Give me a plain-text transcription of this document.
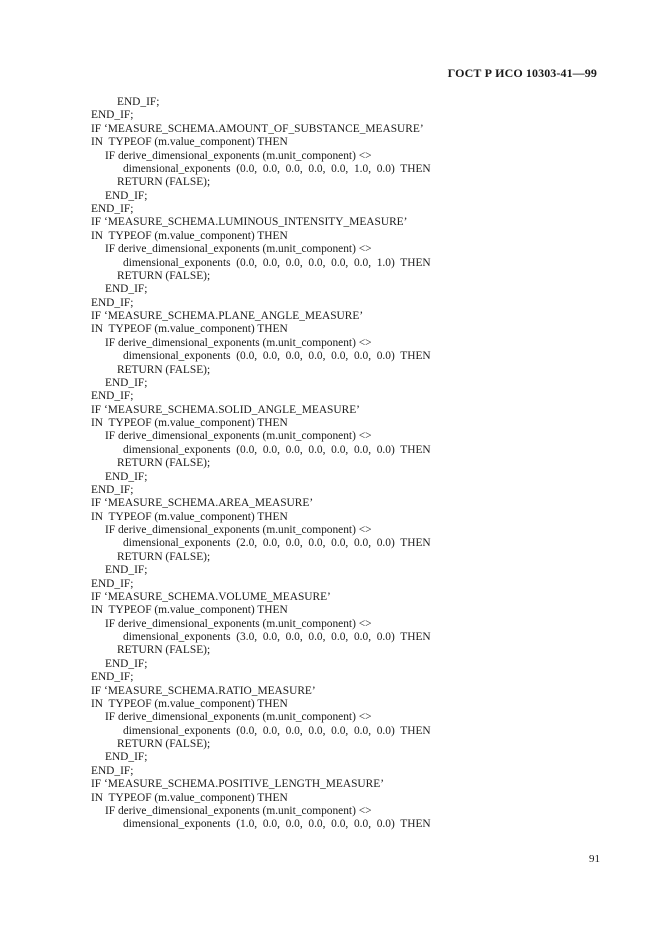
ГОСТ Р ИСО 10303-41—99
END_IF;
END_IF;
IF ‘MEASURE_SCHEMA.AMOUNT_OF_SUBSTANCE_MEASURE’
IN  TYPEOF (m.value_component) THEN
IF derive_dimensional_exponents (m.unit_component) <>
dimensional_exponents  (0.0,  0.0,  0.0,  0.0,  0.0,  1.0,  0.0)  THEN
RETURN (FALSE);
END_IF;
END_IF;
IF ‘MEASURE_SCHEMA.LUMINOUS_INTENSITY_MEASURE’
IN  TYPEOF (m.value_component) THEN
IF derive_dimensional_exponents (m.unit_component) <>
dimensional_exponents  (0.0,  0.0,  0.0,  0.0,  0.0,  0.0,  1.0)  THEN
RETURN (FALSE);
END_IF;
END_IF;
IF ‘MEASURE_SCHEMA.PLANE_ANGLE_MEASURE’
IN  TYPEOF (m.value_component) THEN
IF derive_dimensional_exponents (m.unit_component) <>
dimensional_exponents  (0.0,  0.0,  0.0,  0.0,  0.0,  0.0,  0.0)  THEN
RETURN (FALSE);
END_IF;
END_IF;
IF ‘MEASURE_SCHEMA.SOLID_ANGLE_MEASURE’
IN  TYPEOF (m.value_component) THEN
IF derive_dimensional_exponents (m.unit_component) <>
dimensional_exponents  (0.0,  0.0,  0.0,  0.0,  0.0,  0.0,  0.0)  THEN
RETURN (FALSE);
END_IF;
END_IF;
IF ‘MEASURE_SCHEMA.AREA_MEASURE’
IN  TYPEOF (m.value_component) THEN
IF derive_dimensional_exponents (m.unit_component) <>
dimensional_exponents  (2.0,  0.0,  0.0,  0.0,  0.0,  0.0,  0.0)  THEN
RETURN (FALSE);
END_IF;
END_IF;
IF ‘MEASURE_SCHEMA.VOLUME_MEASURE’
IN  TYPEOF (m.value_component) THEN
IF derive_dimensional_exponents (m.unit_component) <>
dimensional_exponents  (3.0,  0.0,  0.0,  0.0,  0.0,  0.0,  0.0)  THEN
RETURN (FALSE);
END_IF;
END_IF;
IF ‘MEASURE_SCHEMA.RATIO_MEASURE’
IN  TYPEOF (m.value_component) THEN
IF derive_dimensional_exponents (m.unit_component) <>
dimensional_exponents  (0.0,  0.0,  0.0,  0.0,  0.0,  0.0,  0.0)  THEN
RETURN (FALSE);
END_IF;
END_IF;
IF ‘MEASURE_SCHEMA.POSITIVE_LENGTH_MEASURE’
IN  TYPEOF (m.value_component) THEN
IF derive_dimensional_exponents (m.unit_component) <>
dimensional_exponents  (1.0,  0.0,  0.0,  0.0,  0.0,  0.0,  0.0)  THEN
91
